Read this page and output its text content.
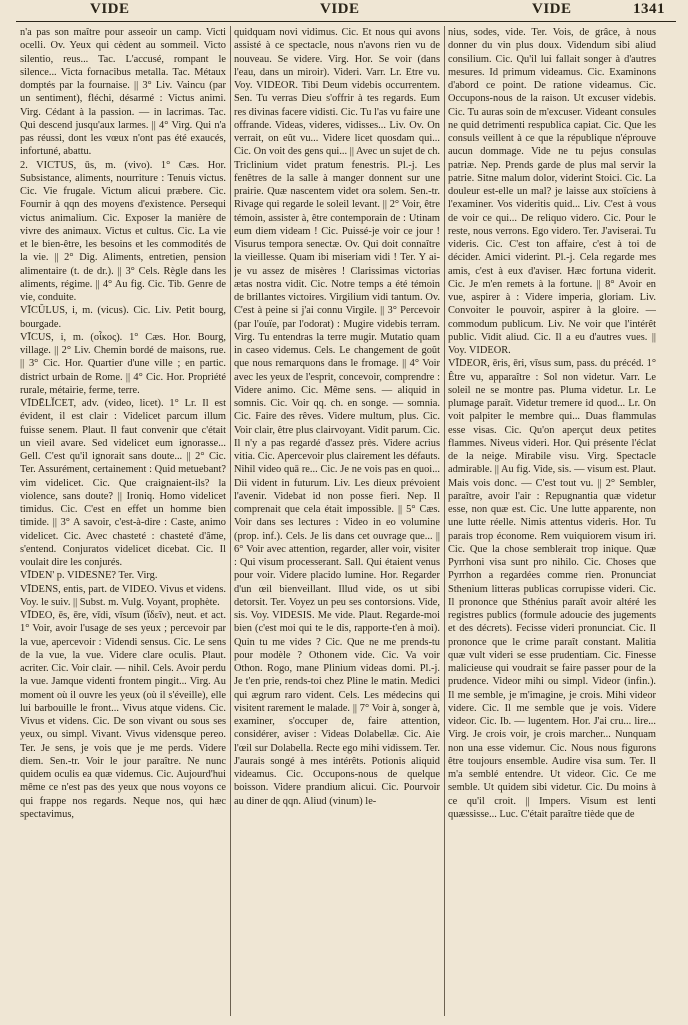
VIDE	VIDE	VIDE	1341

n'a pas son maître pour asseoir un camp. Victi ocelli. Ov. Yeux qui cèdent au sommeil. Victo silentio, reus... Tac. L'accusé, rompant le silence... Victa fornacibus metalla. Tac. Métaux domptés par la fournaise. || 3° Liv. Vaincu (par un sentiment), fléchi, désarmé : Victus animi. Virg. Cédant à la passion. — in lacrimas. Tac. Qui descend jusqu'aux larmes. || 4° Virg. Qui n'a pas réussi, dont les vœux n'ont pas été exaucés, infortuné, abattu.

2. VICTUS, ūs, m. (vivo). 1° Cæs. Hor. Subsistance, aliments, nourriture : Tenuis victus. Cic. Vie frugale. Victum alicui præbere. Cic. Fournir à qqn des moyens d'existence. Persequi victus animalium. Cic. Exposer la manière de vivre des animaux. Victus et cultus. Cic. La vie et le bien-être, les besoins et les commodités de la vie. || 2° Dig. Aliments, entretien, pension alimentaire (t. de dr.). || 3° Cels. Règle dans les aliments, régime. || 4° Au fig. Cic. Tib. Genre de vie, conduite.

VĪCŬLUS, i, m. (vicus). Cic. Liv. Petit bourg, bourgade.

VĪCUS, i, m. (οἶκος). 1° Cæs. Hor. Bourg, village. || 2° Liv. Chemin bordé de maisons, rue. || 3° Cic. Hor. Quartier d'une ville ; en partic. district urbain de Rome. || 4° Cic. Hor. Propriété rurale, métairie, ferme, terre.

VĪDĒLĬCET, adv. (video, licet). 1° Lr. Il est évident, il est clair : Videlicet parcum illum fuisse senem. Plaut. Il faut convenir que c'était un vieil avare. Sed videlicet eum ignorasse... Gell. C'est qu'il ignorait sans doute... || 2° Cic. Ter. Assurément, certainement : Quid metuebant? vim videlicet. Cic. Que craignaient-ils? la violence, sans doute? || Ironiq. Homo videlicet timidus. Cic. C'est en effet un homme bien timide. || 3° A savoir, c'est-à-dire : Caste, animo videlicet. Cic. Avec chasteté : chasteté d'âme, s'entend. Conjuratos videlicet dicebat. Cic. Il voulait dire les conjurés.

VĪDEN' p. VIDESNE? Ter. Virg.

VĪDENS, entis, part. de VIDEO. Vivus et videns. Voy. le suiv. || Subst. m. Vulg. Voyant, prophète.

VĪDEO, ēs, ēre, vīdi, vīsum (ἴδεῖν), neut. et act. 1° Voir, avoir l'usage de ses yeux ; percevoir par la vue, apercevoir : Videndi sensus. Cic. Le sens de la vue, la vue. Videre clare oculis. Plaut. acriter. Cic. Voir clair. — nihil. Cels. Avoir perdu la vue. Jamque videnti frontem pingit... Virg. Au moment où il ouvre les yeux (où il s'éveille), elle lui barbouille le front... Vivus atque videns. Cic. Vivus et videns. Cic. De son vivant ou sous ses yeux, ou simpl. Vivant. Vivus vidensque pereo. Ter. Je sens, je vois que je me perds. Videre diem. Sen.-tr. Voir le jour paraître. Ne nunc quidem oculis ea quæ videmus. Cic. Aujourd'hui même ce n'est pas des yeux que nous voyons ce qui frappe nos regards. Neque nos, qui hæc spectavimus,

quidquam novi vidimus. Cic. Et nous qui avons assisté à ce spectacle, nous n'avons rien vu de nouveau. Se videre. Virg. Hor. Se voir (dans l'eau, dans un miroir). Videri. Varr. Lr. Etre vu. Voy. VIDEOR. Tibi Deum videbis occurrentem. Sen. Tu verras Dieu s'offrir à tes regards. Eum res divinas facere vidisti. Cic. Tu l'as vu faire une offrande. Videas, videres, vidisses... Liv. Ov. On verrait, on eût vu... Videre licet quosdam qui... Cic. On voit des gens qui... || Avec un sujet de ch. Triclinium videt pratum fenestris. Pl.-j. Les fenêtres de la salle à manger donnent sur une prairie. Quæ nascentem videt ora solem. Sen.-tr. Rivage qui regarde le soleil levant. || 2° Voir, être témoin, assister à, être contemporain de : Utinam eum diem videam ! Cic. Puissé-je voir ce jour ! Visurus tempora senectæ. Ov. Qui doit connaître la vieillesse. Quam ibi miseriam vidi ! Ter. Y ai-je vu assez de misères ! Clarissimas victorias ætas nostra vidit. Cic. Notre temps a été témoin de brillantes victoires. Virgilium vidi tantum. Ov. C'est à peine si j'ai connu Virgile. || 3° Percevoir (par l'ouïe, par l'odorat) : Mugire videbis terram. Virg. Tu entendras la terre mugir. Mutatio quam in caseo videmus. Cels. Le changement de goût que nous remarquons dans le fromage. || 4° Voir avec les yeux de l'esprit, concevoir, comprendre : Videre animo. Cic. Même sens. — aliquid in somnis. Cic. Voir qq. ch. en songe. — somnia. Cic. Faire des rêves. Videre multum, plus. Cic. Voir clair, être plus clairvoyant. Vidit parum. Cic. Il n'y a pas regardé d'assez près. Videre acrius vitia. Cic. Apercevoir plus clairement les défauts. Nihil video quā re... Cic. Je ne vois pas en quoi... Dii vident in futurum. Liv. Les dieux prévoient l'avenir. Videbat id non posse fieri. Nep. Il comprenait que cela était impossible. || 5° Cæs. Voir dans ses lectures : Video in eo volumine (prop. inf.). Cels. Je lis dans cet ouvrage que... || 6° Voir avec attention, regarder, aller voir, visiter : Qui visum processerant. Sall. Qui étaient venus pour voir. Videre placido lumine. Hor. Regarder d'un œil bienveillant. Illud vide, os ut sibi detorsit. Ter. Voyez un peu ses contorsions. Vide, sis. Voy. VIDESIS. Me vide. Plaut. Regarde-moi bien (c'est moi qui te le dis, rapporte-t'en à moi). Quin tu me vides ? Cic. Que ne me prends-tu pour modèle ? Othonem vide. Cic. Va voir Othon. Rogo, mane Plinium videas domi. Pl.-j. Je t'en prie, rends-toi chez Pline le matin. Medici qui ægrum raro vident. Cels. Les médecins qui visitent rarement le malade. || 7° Voir à, songer à, examiner, s'occuper de, faire attention, considérer, aviser : Videas Dolabellæ. Cic. Aie l'œil sur Dolabella. Recte ego mihi vidissem. Ter. J'aurais songé à mes intérêts. Potionis aliquid videamus. Cic. Occupons-nous de quelque boisson. Videre prandium alicui. Cic. Pourvoir au diner de qqn. Aliud (vinum) le-

nius, sodes, vide. Ter. Vois, de grâce, à nous donner du vin plus doux. Videndum sibi aliud consilium. Cic. Qu'il lui fallait songer à d'autres mesures. Id primum videamus. Cic. Examinons d'abord ce point. De ratione videamus. Cic. Occupons-nous de la raison. Ut excuser videbis. Cic. Tu auras soin de m'excuser. Videant consules ne quid detrimenti respublica capiat. Cic. Que les consuls veillent à ce que la république n'éprouve aucun dommage. Vide ne tu pejus consulas patriæ. Nep. Prends garde de plus mal servir la patrie. Sitne malum dolor, viderint Stoici. Cic. La douleur est-elle un mal? je laisse aux stoïciens à l'examiner. Vos videritis quid... Liv. C'est à vous de voir ce qui... De reliquo videro. Cic. Pour le reste, nous verrons. Ego videro. Ter. J'aviserai. Tu videris. Cic. C'est ton affaire, c'est à toi de décider. Amici viderint. Pl.-j. Cela regarde mes amis, c'est à eux d'aviser. Hæc fortuna viderit. Cic. Je m'en remets à la fortune. || 8° Avoir en vue, aspirer à : Videre imperia, gloriam. Liv. Convoiter le pouvoir, aspirer à la gloire. — commodum publicum. Liv. Ne voir que l'intérêt public. Vidit aliud. Cic. Il a eu d'autres vues. || Voy. VIDEOR.

VĪDEOR, ēris, ēri, vīsus sum, pass. du précéd. 1° Être vu, apparaître : Sol non videtur. Varr. Le soleil ne se montre pas. Pluma videtur. Lr. Le plumage paraît. Videtur tremere id quod... Lr. On voit palpiter le membre qui... Duas flammulas esse visas. Cic. Qu'on aperçut deux petites flammes. Niveus videri. Hor. Qui présente l'éclat de la neige. Mirabile visu. Virg. Spectacle admirable. || Au fig. Vide, sis. — visum est. Plaut. Mais vois donc. — C'est tout vu. || 2° Sembler, paraître, avoir l'air : Repugnantia quæ videtur esse, non quæ est. Cic. Une lutte apparente, non une lutte réelle. Nimis attentus videris. Hor. Tu parais trop économe. Rem vuiquiorem visum iri. Cic. Que la chose semblerait trop inique. Quæ Pyrrhoni visa sunt pro nihilo. Cic. Choses que Pyrrhon a regardées comme rien. Pronunciat Sthenium litteras publicas corrupisse videri. Cic. Il prononce que Sthénius paraît avoir altéré les registres publics (formule adoucie des jugements et des décrets). Fecisse videri pronunciat. Cic. Il prononce que le crime paraît constant. Malitia quæ vult videri se esse prudentiam. Cic. Finesse malicieuse qui voudrait se faire passer pour de la prudence. Videor mihi ou simpl. Videor (infin.). Il me semble, je m'imagine, je crois. Mihi videor videre. Cic. Il me semble que je vois. Videre videor. Cic. Ib. — lugentem. Hor. J'ai cru... lire... Virg. Je crois voir, je crois marcher... Nunquam non una esse videmur. Cic. Nous nous figurons être toujours ensemble. Audire visa sum. Ter. Il m'a semblé entendre. Ut videor. Cic. Ce me semble. Ut quidem sibi videtur. Cic. Du moins à ce qu'il croit. || Impers. Visum est lenti quæssisse... Luc. C'était paraître tiède que de
